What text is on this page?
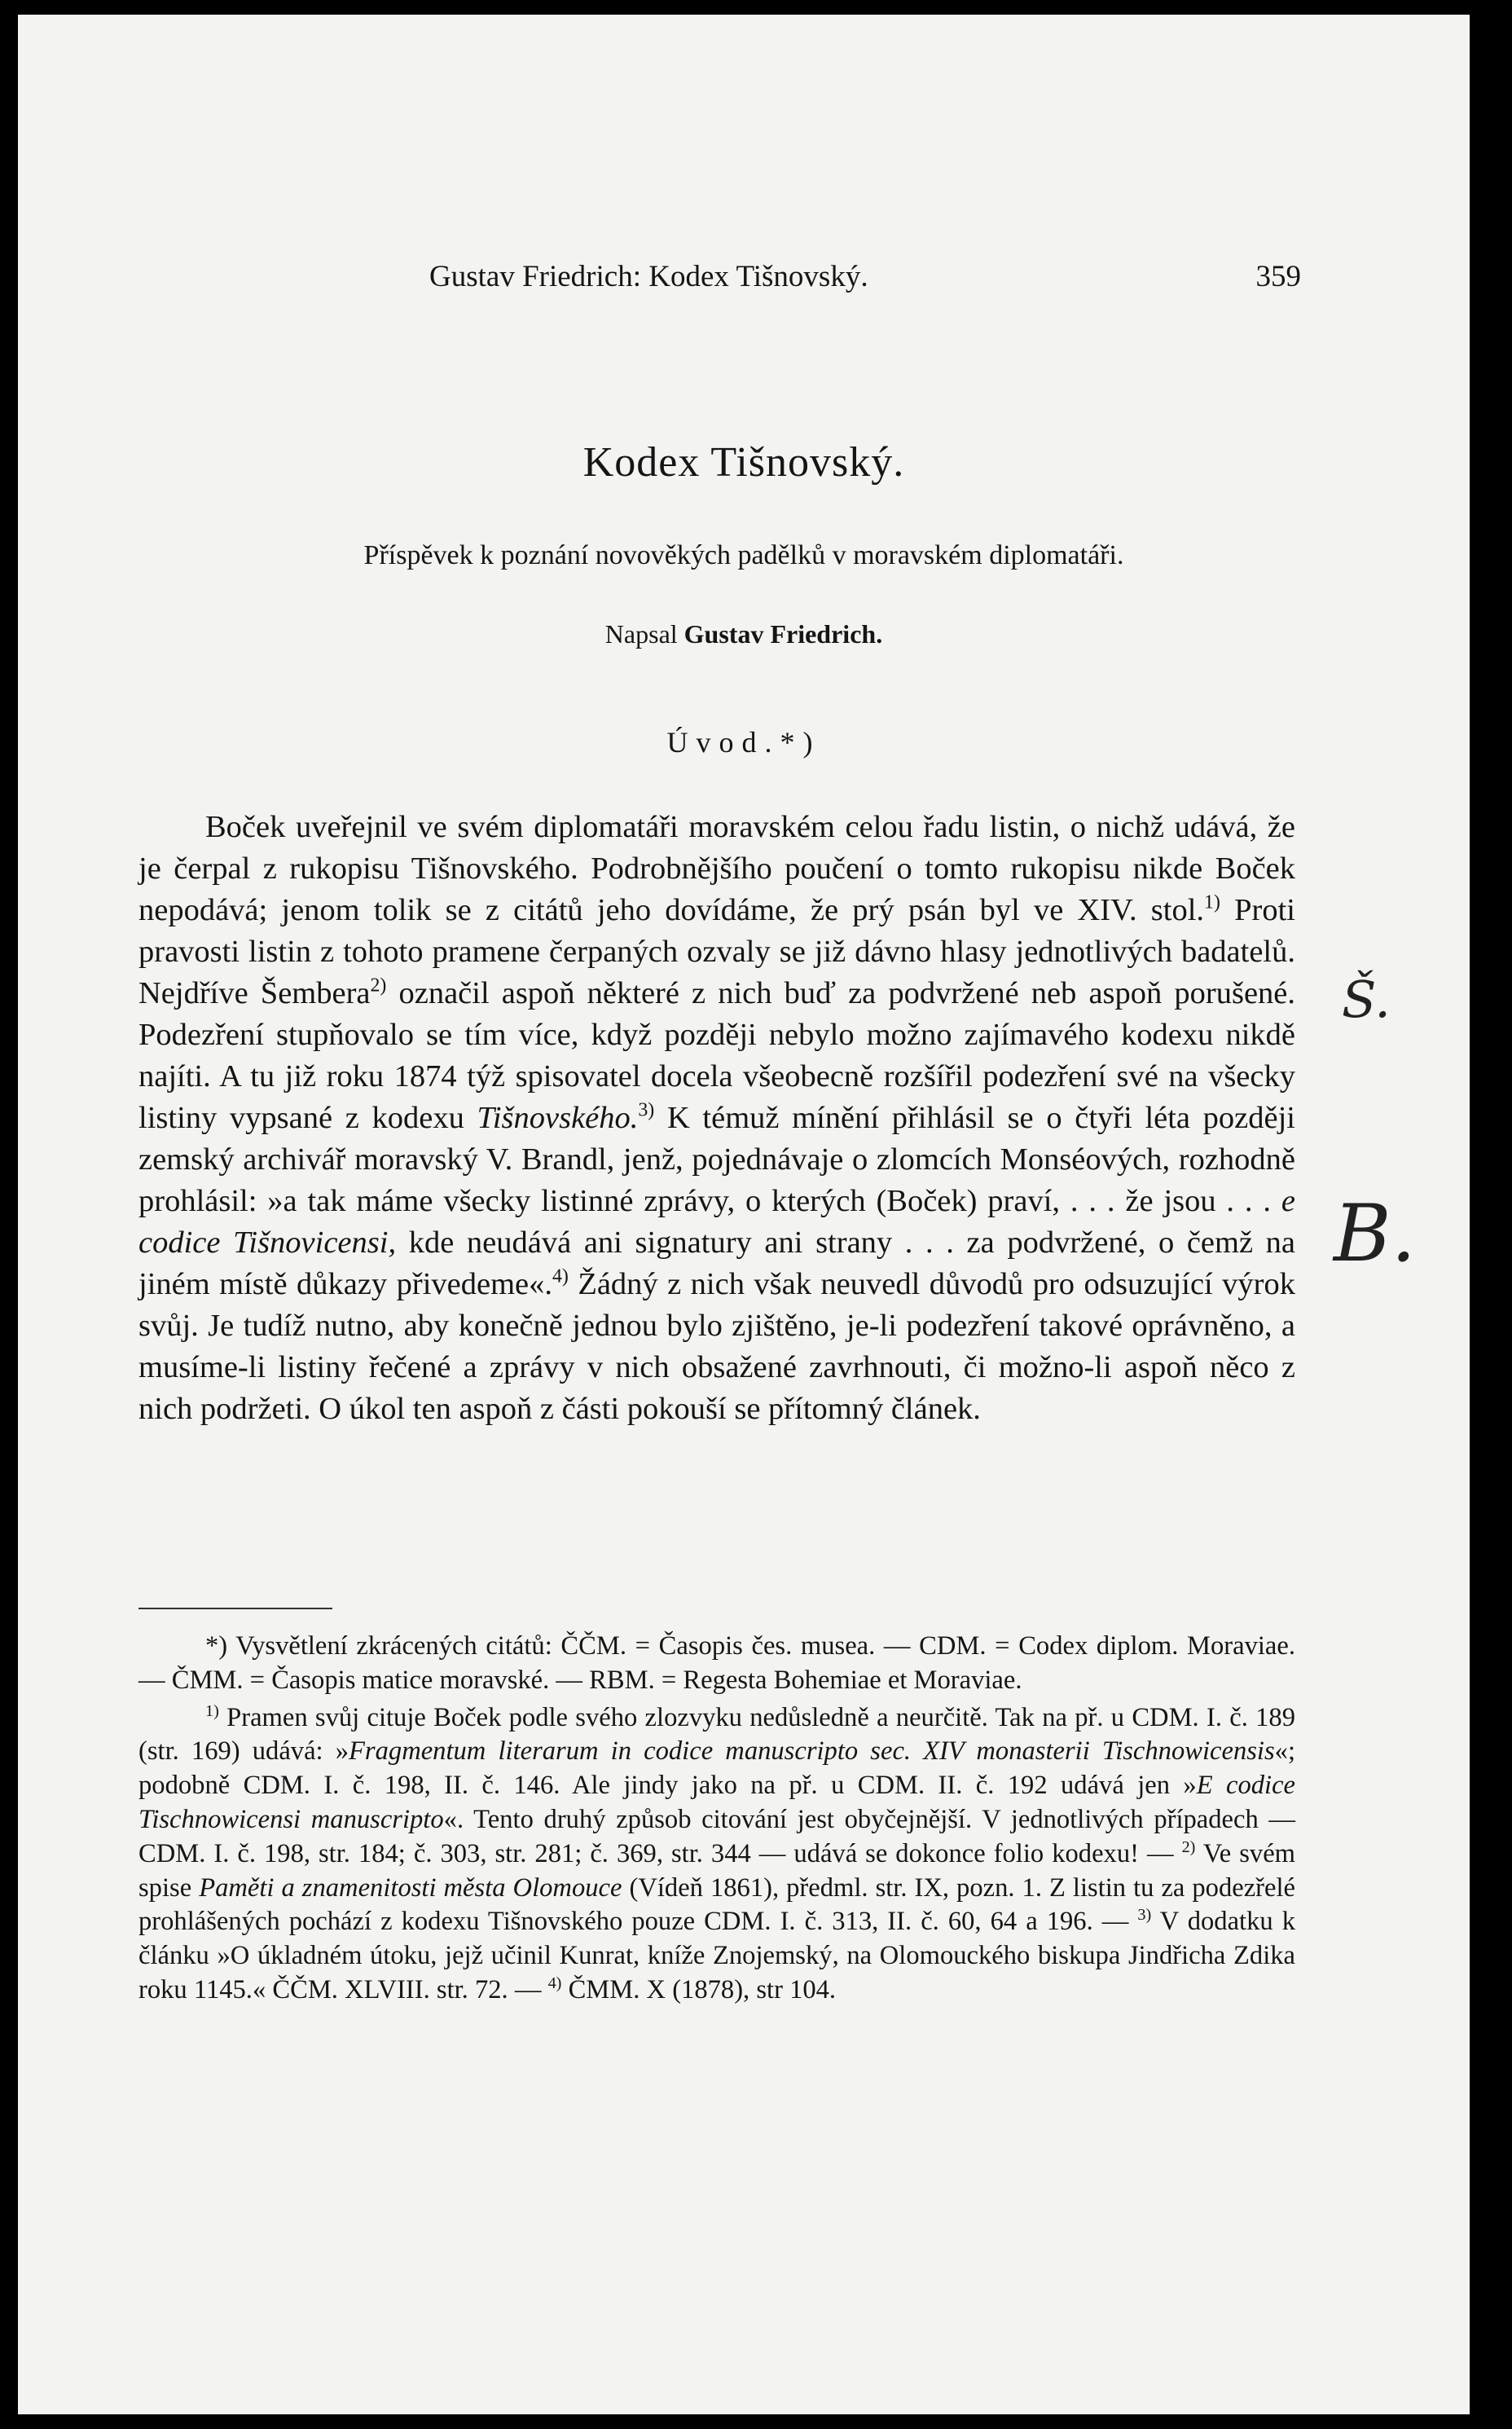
Gustav Friedrich: Kodex Tišnovský.	359
Kodex Tišnovský.
Příspěvek k poznání novověkých padělků v moravském diplomatáři.
Napsal Gustav Friedrich.
Úvod.*)

Boček uveřejnil ve svém diplomatáři moravském celou řadu listin, o nichž udává, že je čerpal z rukopisu Tišnovského. Podrobnějšího poučení o tomto rukopisu nikde Boček nepodává; jenom tolik se z citátů jeho dovídáme, že prý psán byl ve XIV. stol.$^{1)}$ Proti pravosti listin z tohoto pramene čerpaných ozvaly se již dávno hlasy jednotlivých badatelů. Nejdříve Šembera$^{2)}$ označil aspoň některé z nich buď za podvržené neb aspoň porušené. Podezření stupňovalo se tím více, když později nebylo možno zajímavého kodexu nikdě najíti. A tu již roku 1874 týž spisovatel docela všeobecně rozšířil podezření své na všecky listiny vypsané z kodexu Tišnovského.$^{3)}$ K témuž mínění přihlásil se o čtyři léta později zemský archivář moravský V. Brandl, jenž, pojednávaje o zlomcích Monséových, rozhodně prohlásil: »a tak máme všecky listinné zprávy, o kterých (Boček) praví, . . . že jsou . . . e codice Tišnovicensi, kde neudává ani signatury ani strany . . . za podvržené, o čemž na jiném místě důkazy přivedeme«.$^{4)}$ Žádný z nich však neuvedl důvodů pro odsuzující výrok svůj. Je tudíž nutno, aby konečně jednou bylo zjištěno, je-li podezření takové oprávněno, a musíme-li listiny řečené a zprávy v nich obsažené zavrhnouti, či možno-li aspoň něco z nich podržeti. O úkol ten aspoň z části pokouší se přítomný článek.

*) Vysvětlení zkrácených citátů: ČČM. = Časopis čes. musea. — CDM. = Codex diplom. Moraviae. — ČMM. = Časopis matice moravské. — RBM. = Regesta Bohemiae et Moraviae.

$^{1)}$ Pramen svůj cituje Boček podle svého zlozvyku nedůsledně a neurčitě. Tak na př. u CDM. I. č. 189 (str. 169) udává: »Fragmentum literarum in codice manuscripto sec. XIV monasterii Tischnowicensis«; podobně CDM. I. č. 198, II. č. 146. Ale jindy jako na př. u CDM. II. č. 192 udává jen »E codice Tischnowicensi manuscripto«. Tento druhý způsob citování jest obyčejnější. V jednotlivých případech — CDM. I. č. 198, str. 184; č. 303, str. 281; č. 369, str. 344 — udává se dokonce folio kodexu! — $^{2)}$ Ve svém spise Paměti a znamenitosti města Olomouce (Vídeň 1861), předml. str. IX, pozn. 1. Z listin tu za podezřelé prohlášených pochází z kodexu Tišnovského pouze CDM. I. č. 313, II. č. 60, 64 a 196. — $^{3)}$ V dodatku k článku »O úkladném útoku, jejž učinil Kunrat, kníže Znojemský, na Olomouckého biskupa Jindřicha Zdika roku 1145.« ČČM. XLVIII. str. 72. — $^{4)}$ ČMM. X (1878), str 104.

Š.
B.
